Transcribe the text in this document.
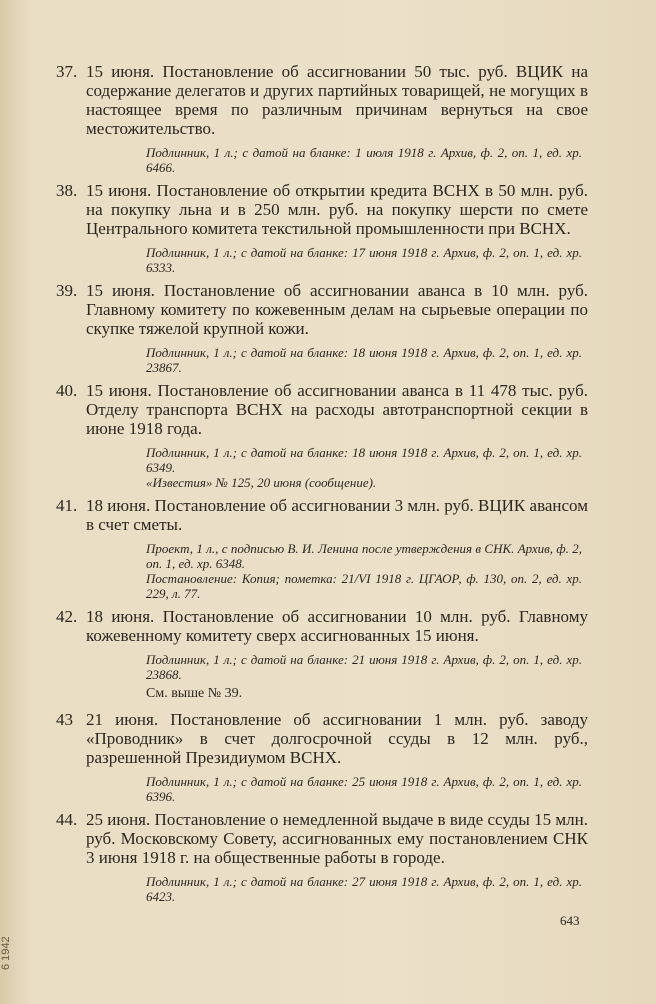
37. 15 июня. Постановление об ассигновании 50 тыс. руб. ВЦИК на содержание делегатов и других партийных товарищей, не могущих в настоящее время по различным причинам вернуться на свое местожительство.
Подлинник, 1 л.; с датой на бланке: 1 июля 1918 г. Архив, ф. 2, оп. 1, ед. хр. 6466.
38. 15 июня. Постановление об открытии кредита ВСНХ в 50 млн. руб. на покупку льна и в 250 млн. руб. на покупку шерсти по смете Центрального комитета текстильной промышленности при ВСНХ.
Подлинник, 1 л.; с датой на бланке: 17 июня 1918 г. Архив, ф. 2, оп. 1, ед. хр. 6333.
39. 15 июня. Постановление об ассигновании аванса в 10 млн. руб. Главному комитету по кожевенным делам на сырьевые операции по скупке тяжелой крупной кожи.
Подлинник, 1 л.; с датой на бланке: 18 июня 1918 г. Архив, ф. 2, оп. 1, ед. хр. 23867.
40. 15 июня. Постановление об ассигновании аванса в 11 478 тыс. руб. Отделу транспорта ВСНХ на расходы автотранспортной секции в июне 1918 года.
Подлинник, 1 л.; с датой на бланке: 18 июня 1918 г. Архив, ф. 2, оп. 1, ед. хр. 6349.
«Известия» № 125, 20 июня (сообщение).
41. 18 июня. Постановление об ассигновании 3 млн. руб. ВЦИК авансом в счет сметы.
Проект, 1 л., с подписью В. И. Ленина после утверждения в СНК. Архив, ф. 2, оп. 1, ед. хр. 6348.
Постановление: Копия; пометка: 21/VI 1918 г. ЦГАОР, ф. 130, оп. 2, ед. хр. 229, л. 77.
42. 18 июня. Постановление об ассигновании 10 млн. руб. Главному кожевенному комитету сверх ассигнованных 15 июня.
Подлинник, 1 л.; с датой на бланке: 21 июня 1918 г. Архив, ф. 2, оп. 1, ед. хр. 23868.
См. выше № 39.
43 21 июня. Постановление об ассигновании 1 млн. руб. заводу «Проводник» в счет долгосрочной ссуды в 12 млн. руб., разрешенной Президиумом ВСНХ.
Подлинник, 1 л.; с датой на бланке: 25 июня 1918 г. Архив, ф. 2, оп. 1, ед. хр. 6396.
44. 25 июня. Постановление о немедленной выдаче в виде ссуды 15 млн. руб. Московскому Совету, ассигнованных ему постановлением СНК 3 июня 1918 г. на общественные работы в городе.
Подлинник, 1 л.; с датой на бланке: 27 июня 1918 г. Архив, ф. 2, оп. 1, ед. хр. 6423.
643
6 1942
